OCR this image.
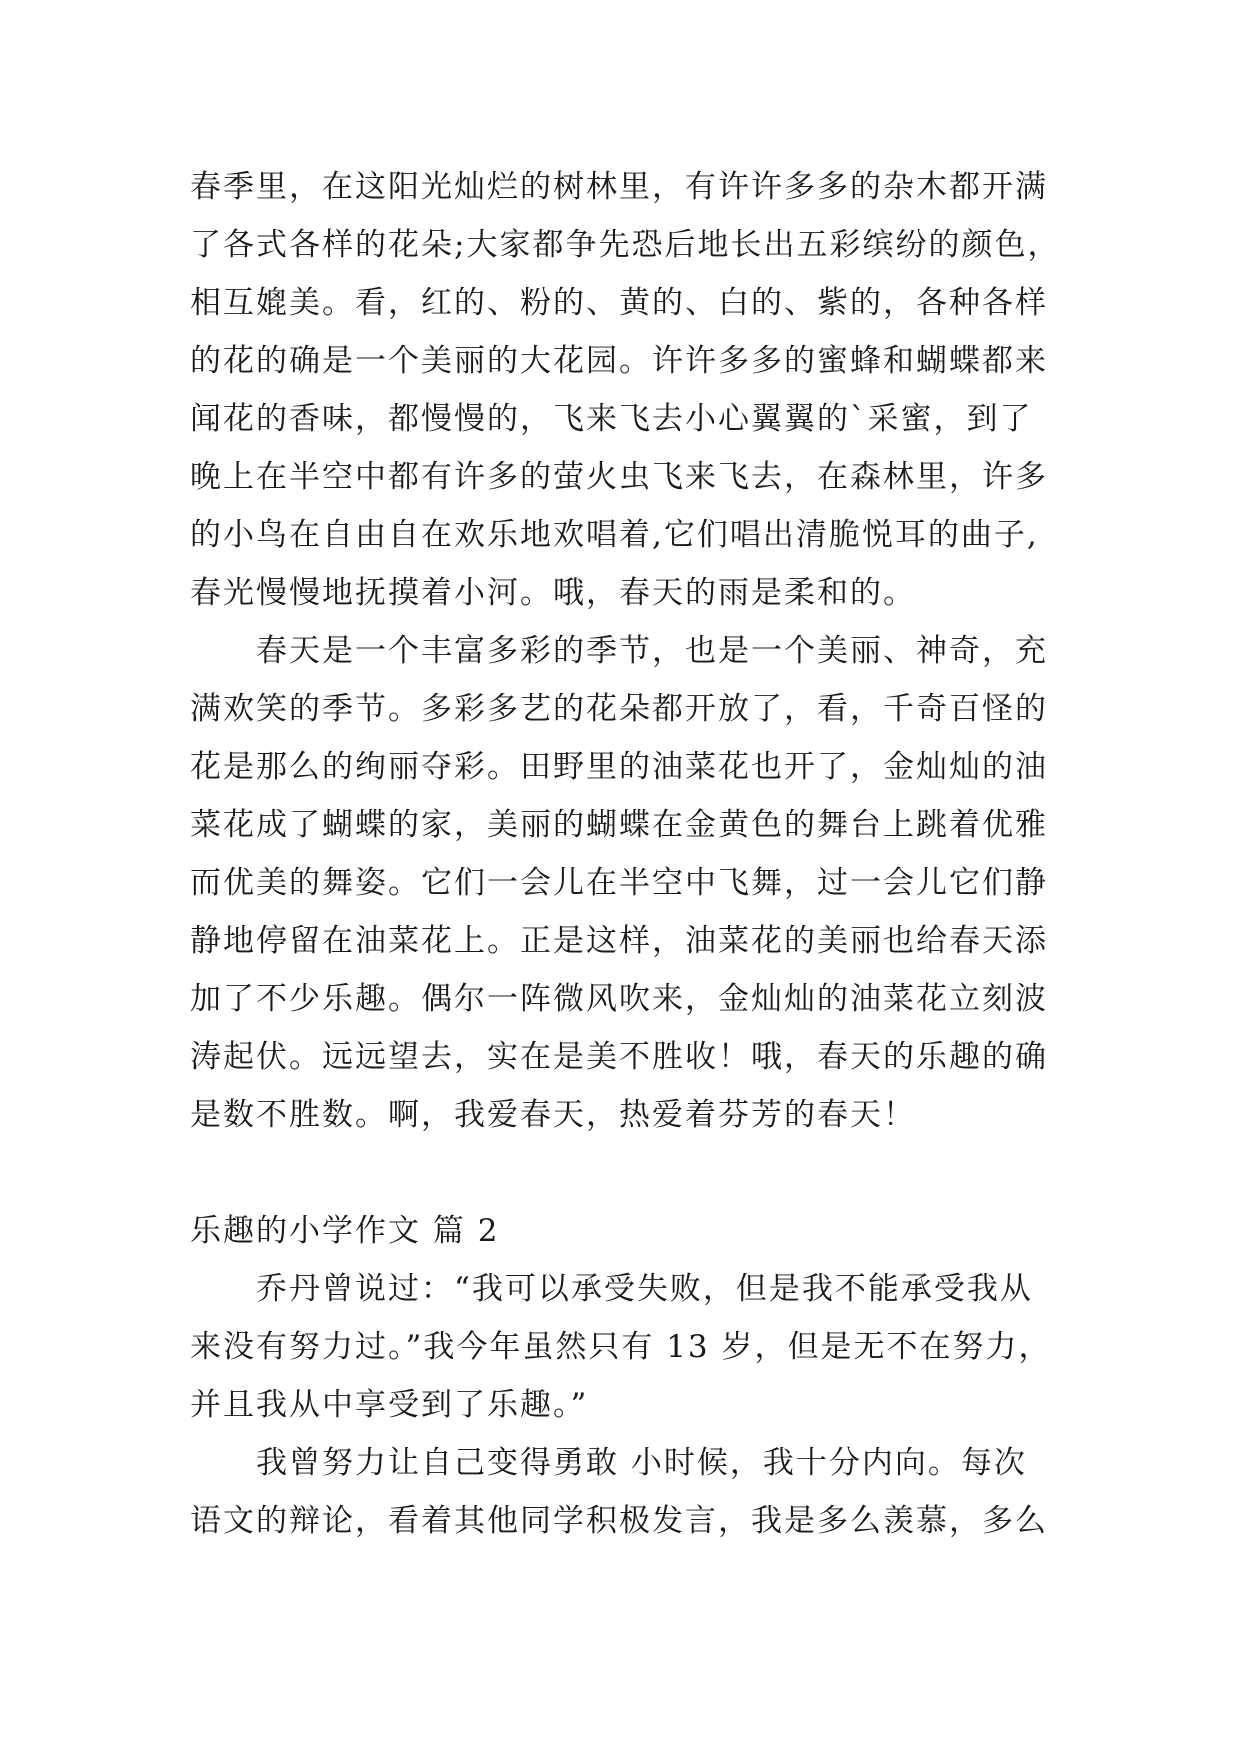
春季里，在这阳光灿烂的树林里，有许许多多的杂木都开满

了各式各样的花朵;大家都争先恐后地长出五彩缤纷的颜色，

相互媲美。看，红的、粉的、黄的、白的、紫的，各种各样

的花的确是一个美丽的大花园。许许多多的蜜蜂和蝴蝶都来

闻花的香味，都慢慢的，飞来飞去小心翼翼的`采蜜，到了

晚上在半空中都有许多的萤火虫飞来飞去，在森林里，许多

的小鸟在自由自在欢乐地欢唱着,它们唱出清脆悦耳的曲子,

春光慢慢地抚摸着小河。哦，春天的雨是柔和的。

春天是一个丰富多彩的季节，也是一个美丽、神奇，充

满欢笑的季节。多彩多艺的花朵都开放了，看，千奇百怪的

花是那么的绚丽夺彩。田野里的油菜花也开了，金灿灿的油

菜花成了蝴蝶的家，美丽的蝴蝶在金黄色的舞台上跳着优雅

而优美的舞姿。它们一会儿在半空中飞舞，过一会儿它们静

静地停留在油菜花上。正是这样，油菜花的美丽也给春天添

加了不少乐趣。偶尔一阵微风吹来，金灿灿的油菜花立刻波

涛起伏。远远望去，实在是美不胜收！哦，春天的乐趣的确

是数不胜数。啊，我爱春天，热爱着芬芳的春天！

乐趣的小学作文 篇 2

乔丹曾说过：“我可以承受失败，但是我不能承受我从

来没有努力过。”我今年虽然只有 13 岁，但是无不在努力，

并且我从中享受到了乐趣。”

我曾努力让自己变得勇敢 小时候，我十分内向。每次

语文的辩论，看着其他同学积极发言，我是多么羡慕，多么
